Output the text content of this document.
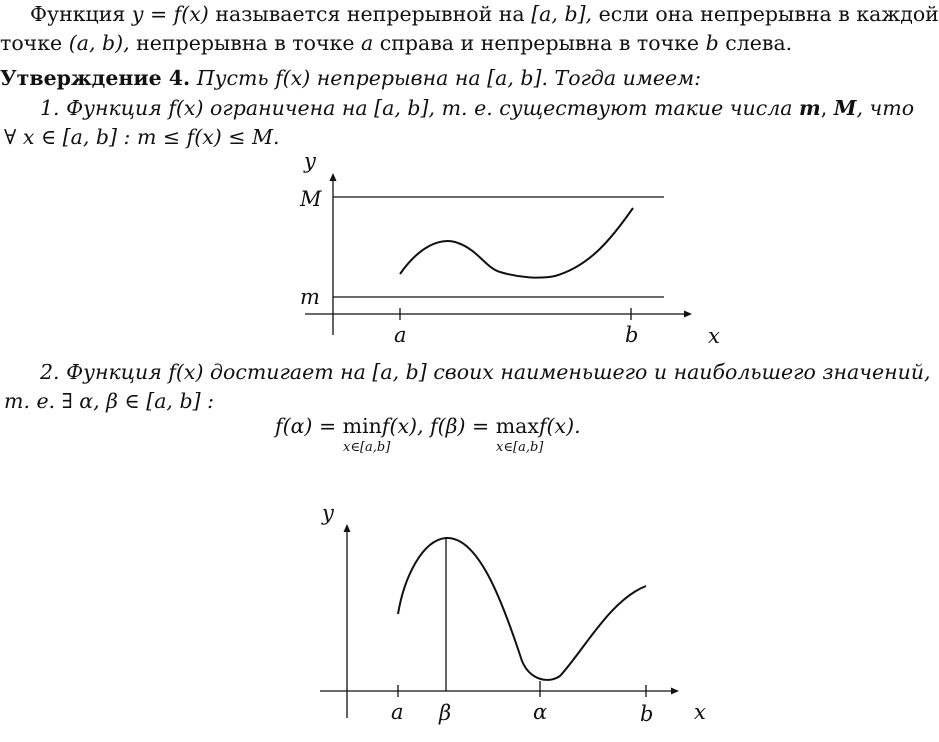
Функция y = f(x) называется непрерывной на [a, b], если она непрерывна в каждой
точке (a, b), непрерывна в точке a справа и непрерывна в точке b слева.
Утверждение 4. Пусть f(x) непрерывна на [a, b]. Тогда имеем:
1. Функция f(x) ограничена на [a, b], т. е. существуют такие числа m, M, что
∀ x ∈ [a, b] : m ≤ f(x) ≤ M.
y
M
m
a	b	x
y
a β	α	b x
2. Функция f(x) достигает на [a, b] своих наименьшего и наибольшего значений,
т. е. ∃ α, β ∈ [a, b] :
f(α) = min
x∈[a,b]
f(x), f(β) = max
x∈[a,b]
f(x).
